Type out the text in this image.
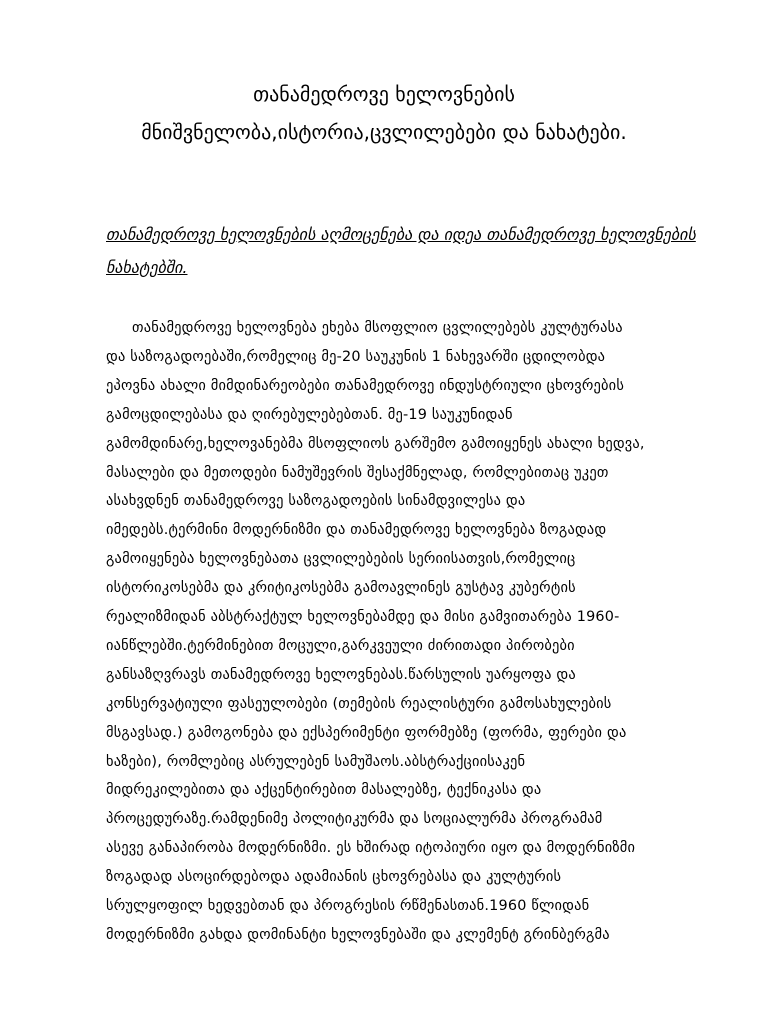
თანამედროვე ხელოვნების
მნიშვნელობა,ისტორია,ცვლილებები და ნახატები.

თანამედროვე ხელოვნების აღმოცენება და იდეა თანამედროვე ხელოვნების ნახატებში.

თანამედროვე ხელოვნება ეხება მსოფლიო ცვლილებებს კულტურასა

და საზოგადოებაში,რომელიც მე-20 საუკუნის 1 ნახევარში ცდილობდა

ეპოვნა ახალი მიმდინარეობები თანამედროვე ინდუსტრიული ცხოვრების

გამოცდილებასა და ღირებულებებთან. მე-19 საუკუნიდან

გამომდინარე,ხელოვანებმა მსოფლიოს გარშემო გამოიყენეს ახალი ხედვა,

მასალები და მეთოდები ნამუშევრის შესაქმნელად, რომლებითაც უკეთ

ასახვდნენ თანამედროვე საზოგადოების სინამდვილესა და

იმედებს.ტერმინი მოდერნიზმი და თანამედროვე ხელოვნება ზოგადად

გამოიყენება ხელოვნებათა ცვლილებების სერიისათვის,რომელიც

ისტორიკოსებმა და კრიტიკოსებმა გამოავლინეს გუსტავ კუბერტის

რეალიზმიდან აბსტრაქტულ ხელოვნებამდე და მისი გამვითარება 1960-

იანწლებში.ტერმინებით მოცული,გარკვეული ძირითადი პირობები

განსაზღვრავს თანამედროვე ხელოვნებას.წარსულის უარყოფა და

კონსერვატიული ფასეულობები (თემების რეალისტური გამოსახულების

მსგავსად.) გამოგონება და ექსპერიმენტი ფორმებზე (ფორმა, ფერები და

ხაზები), რომლებიც ასრულებენ სამუშაოს.აბსტრაქციისაკენ

მიდრეკილებითა და აქცენტირებით მასალებზე, ტექნიკასა და

პროცედურაზე.რამდენიმე პოლიტიკურმა და სოციალურმა პროგრამამ

ასევე განაპირობა მოდერნიზმი. ეს ხშირად იტოპიური იყო და მოდერნიზმი

ზოგადად ასოცირდებოდა ადამიანის ცხოვრებასა და კულტურის

სრულყოფილ ხედვებთან და პროგრესის რწმენასთან.1960 წლიდან

მოდერნიზმი გახდა დომინანტი ხელოვნებაში და კლემენტ გრინბერგმა
